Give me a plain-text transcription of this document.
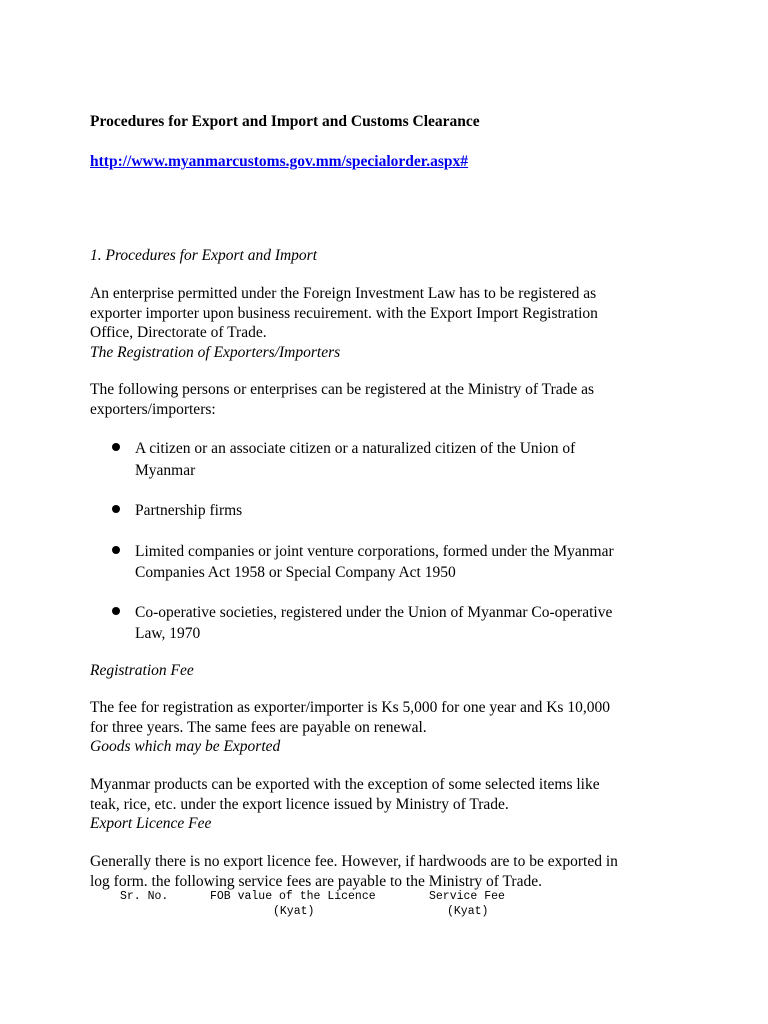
Procedures for Export and Import and Customs Clearance
http://www.myanmarcustoms.gov.mm/specialorder.aspx#
1. Procedures for Export and Import
An enterprise permitted under the Foreign Investment Law has to be registered as
exporter importer upon business recuirement. with the Export Import Registration
Office, Directorate of Trade.
The Registration of Exporters/Importers
The following persons or enterprises can be registered at the Ministry of Trade as
exporters/importers:
A citizen or an associate citizen or a naturalized citizen of the Union of
Myanmar
Partnership firms
Limited companies or joint venture corporations, formed under the Myanmar
Companies Act 1958 or Special Company Act 1950
Co-operative societies, registered under the Union of Myanmar Co-operative
Law, 1970
Registration Fee
The fee for registration as exporter/importer is Ks 5,000 for one year and Ks 10,000
for three years. The same fees are payable on renewal.
Goods which may be Exported
Myanmar products can be exported with the exception of some selected items like
teak, rice, etc. under the export licence issued by Ministry of Trade.
Export Licence Fee
Generally there is no export licence fee. However, if hardwoods are to be exported in
log form. the following service fees are payable to the Ministry of Trade.
Sr. No.	FOB value of the Licence
(Kyat)
Service Fee
(Kyat)
